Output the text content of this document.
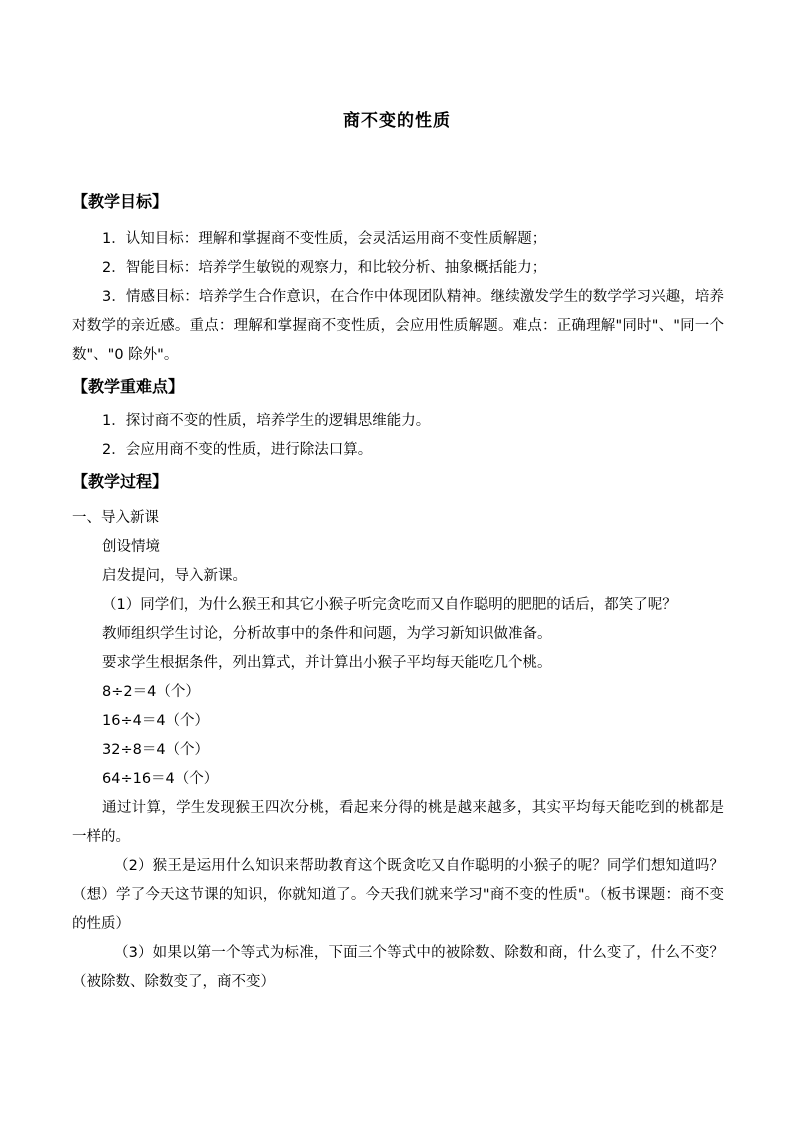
商不变的性质

【教学目标】

1．认知目标：理解和掌握商不变性质，会灵活运用商不变性质解题；

2．智能目标：培养学生敏锐的观察力，和比较分析、抽象概括能力；

3．情感目标：培养学生合作意识，在合作中体现团队精神。继续激发学生的数学学习兴趣，培养对数学的亲近感。重点：理解和掌握商不变性质，会应用性质解题。难点：正确理解"同时"、"同一个数"、"0 除外"。

【教学重难点】

1．探讨商不变的性质，培养学生的逻辑思维能力。

2．会应用商不变的性质，进行除法口算。

【教学过程】

一、导入新课

创设情境

启发提问，导入新课。

（1）同学们，为什么猴王和其它小猴子听完贪吃而又自作聪明的肥肥的话后，都笑了呢？

教师组织学生讨论，分析故事中的条件和问题，为学习新知识做准备。

要求学生根据条件，列出算式，并计算出小猴子平均每天能吃几个桃。

8÷2＝4（个）

16÷4＝4（个）

32÷8＝4（个）

64÷16＝4（个）

通过计算，学生发现猴王四次分桃，看起来分得的桃是越来越多，其实平均每天能吃到的桃都是一样的。

（2）猴王是运用什么知识来帮助教育这个既贪吃又自作聪明的小猴子的呢？同学们想知道吗？（想）学了今天这节课的知识，你就知道了。今天我们就来学习"商不变的性质"。（板书课题：商不变的性质）

（3）如果以第一个等式为标准，下面三个等式中的被除数、除数和商，什么变了，什么不变？（被除数、除数变了，商不变）
